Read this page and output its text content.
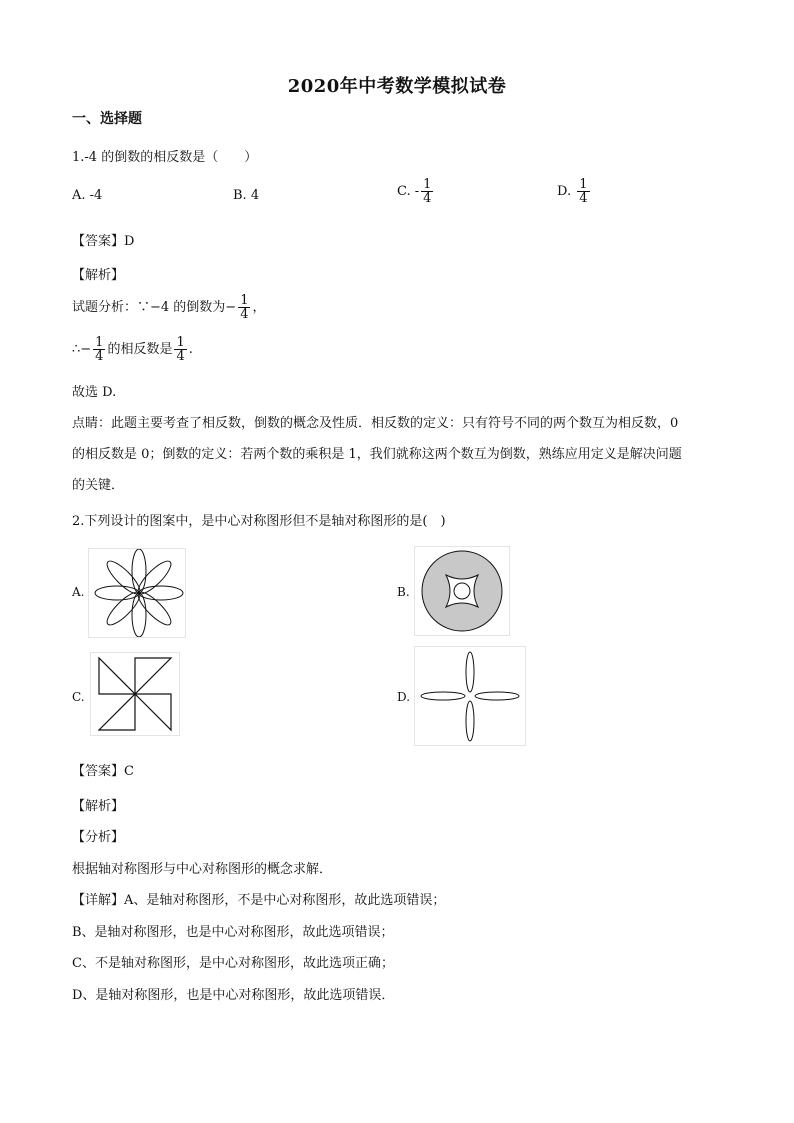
2020年中考数学模拟试卷
一、选择题
1.-4 的倒数的相反数是（　　）
A. -4	B. 4	C. - $\frac{1}{4}$	D. $\frac{1}{4}$
【答案】D
【解析】
试题分析：∵−4 的倒数为− $\frac{1}{4}$ ，
∴− $\frac{1}{4}$ 的相反数是 $\frac{1}{4}$ .
故选 D.
点睛：此题主要考查了相反数，倒数的概念及性质．相反数的定义：只有符号不同的两个数互为相反数，0
的相反数是 0；倒数的定义：若两个数的乘积是 1，我们就称这两个数互为倒数，熟练应用定义是解决问题
的关键．
2.下列设计的图案中，是中心对称图形但不是轴对称图形的是(　)
A.	B.
C.	D.
【答案】C
【解析】
【分析】
根据轴对称图形与中心对称图形的概念求解．
【详解】A、是轴对称图形，不是中心对称图形，故此选项错误；
B、是轴对称图形，也是中心对称图形，故此选项错误；
C、不是轴对称图形，是中心对称图形，故此选项正确；
D、是轴对称图形，也是中心对称图形，故此选项错误．
